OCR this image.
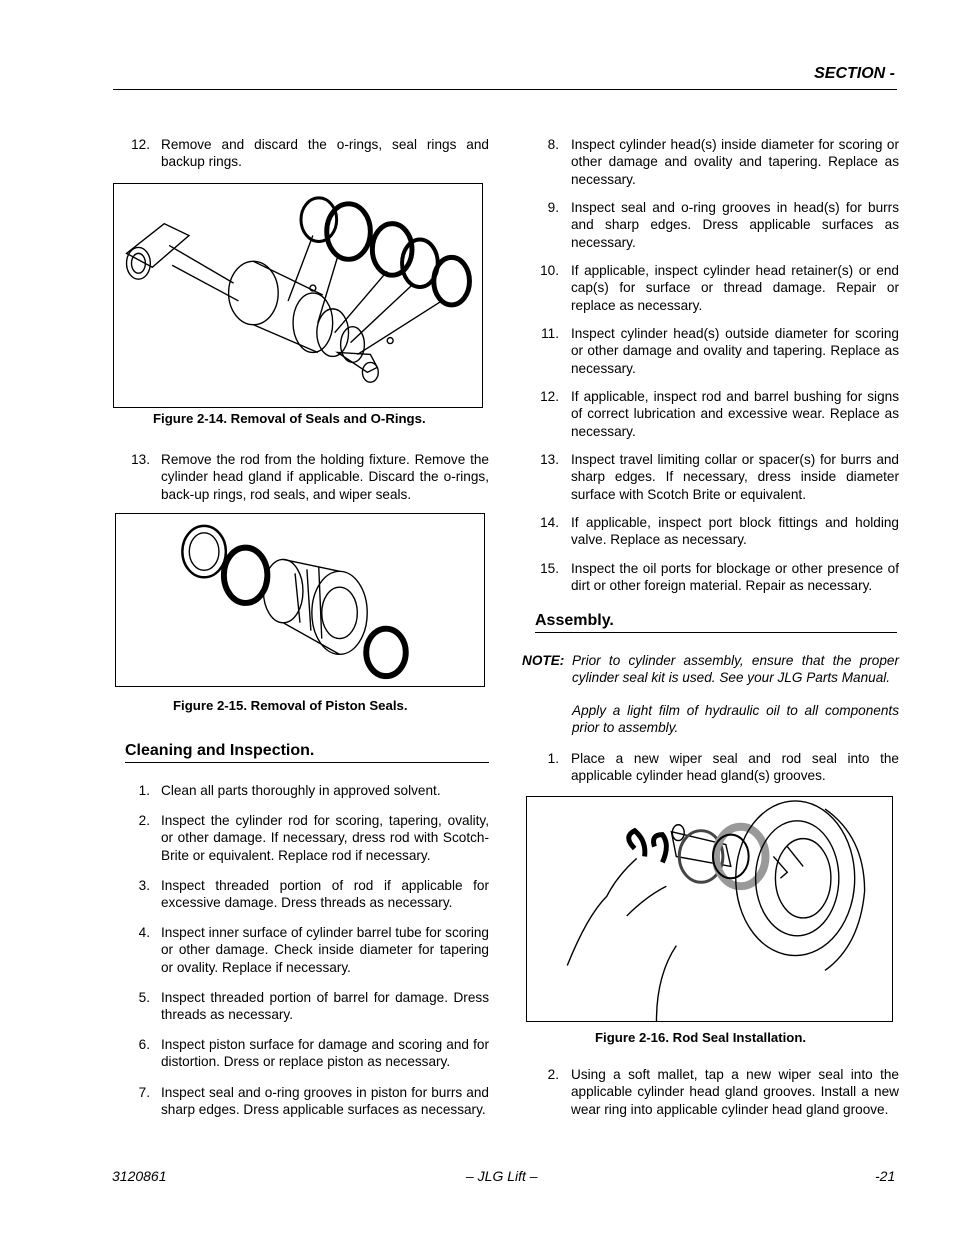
SECTION -
12. Remove and discard the o-rings, seal rings and backup rings.
Figure 2-14. Removal of Seals and O-Rings.
13. Remove the rod from the holding fixture. Remove the cylinder head gland if applicable. Discard the o-rings, back-up rings, rod seals, and wiper seals.
Figure 2-15. Removal of Piston Seals.
Cleaning and Inspection.
1. Clean all parts thoroughly in approved solvent.
2. Inspect the cylinder rod for scoring, tapering, ovality, or other damage. If necessary, dress rod with Scotch-Brite or equivalent. Replace rod if necessary.
3. Inspect threaded portion of rod if applicable for excessive damage. Dress threads as necessary.
4. Inspect inner surface of cylinder barrel tube for scoring or other damage. Check inside diameter for tapering or ovality. Replace if necessary.
5. Inspect threaded portion of barrel for damage. Dress threads as necessary.
6. Inspect piston surface for damage and scoring and for distortion. Dress or replace piston as necessary.
7. Inspect seal and o-ring grooves in piston for burrs and sharp edges. Dress applicable surfaces as necessary.
8. Inspect cylinder head(s) inside diameter for scoring or other damage and ovality and tapering. Replace as necessary.
9. Inspect seal and o-ring grooves in head(s) for burrs and sharp edges. Dress applicable surfaces as necessary.
10. If applicable, inspect cylinder head retainer(s) or end cap(s) for surface or thread damage. Repair or replace as necessary.
11. Inspect cylinder head(s) outside diameter for scoring or other damage and ovality and tapering. Replace as necessary.
12. If applicable, inspect rod and barrel bushing for signs of correct lubrication and excessive wear. Replace as necessary.
13. Inspect travel limiting collar or spacer(s) for burrs and sharp edges. If necessary, dress inside diameter surface with Scotch Brite or equivalent.
14. If applicable, inspect port block fittings and holding valve. Replace as necessary.
15. Inspect the oil ports for blockage or other presence of dirt or other foreign material. Repair as necessary.
Assembly.
NOTE: Prior to cylinder assembly, ensure that the proper cylinder seal kit is used. See your JLG Parts Manual.
Apply a light film of hydraulic oil to all components prior to assembly.
1. Place a new wiper seal and rod seal into the applicable cylinder head gland(s) grooves.
Figure 2-16. Rod Seal Installation.
2. Using a soft mallet, tap a new wiper seal into the applicable cylinder head gland grooves. Install a new wear ring into applicable cylinder head gland groove.
3120861	– JLG Lift –	-21
